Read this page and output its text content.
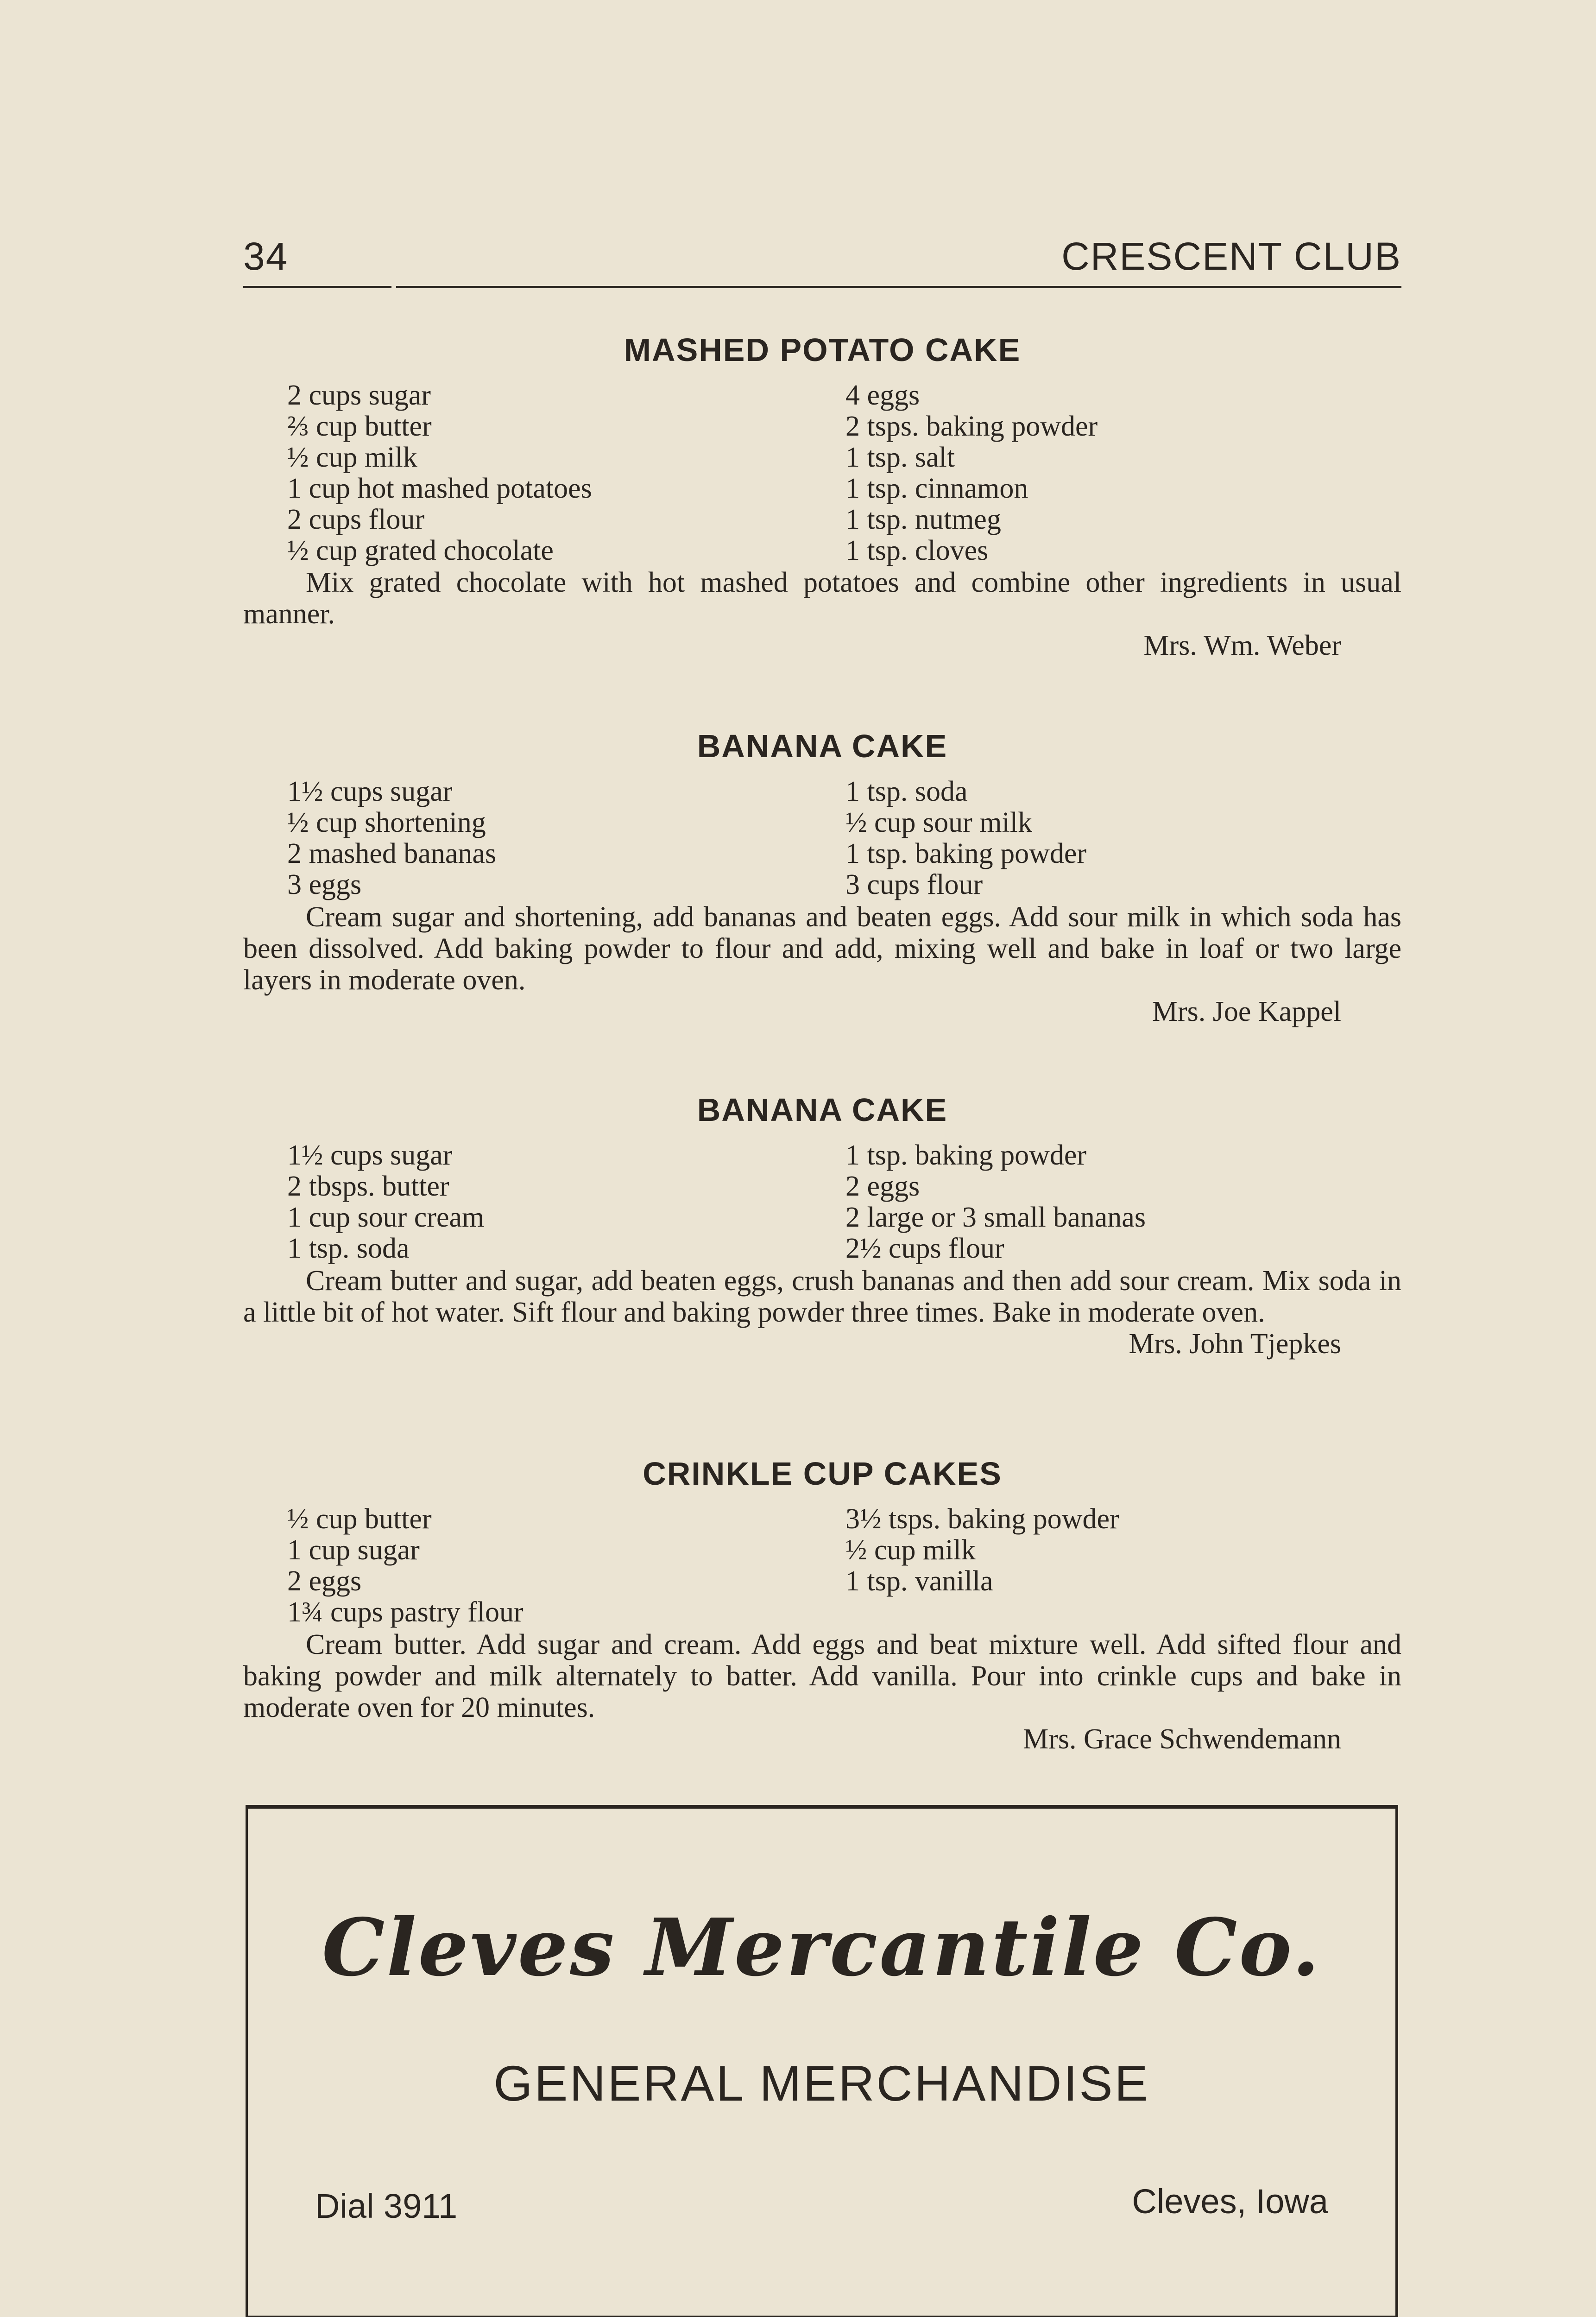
34	CRESCENT CLUB
MASHED POTATO CAKE
2 cups sugar
⅔ cup butter
½ cup milk
1 cup hot mashed potatoes
2 cups flour
½ cup grated chocolate
4 eggs
2 tsps. baking powder
1 tsp. salt
1 tsp. cinnamon
1 tsp. nutmeg
1 tsp. cloves

Mix grated chocolate with hot mashed potatoes and combine other ingredients in usual manner.

Mrs. Wm. Weber
BANANA CAKE
1½ cups sugar
½ cup shortening
2 mashed bananas
3 eggs
1 tsp. soda
½ cup sour milk
1 tsp. baking powder
3 cups flour

Cream sugar and shortening, add bananas and beaten eggs. Add sour milk in which soda has been dissolved. Add baking powder to flour and add, mixing well and bake in loaf or two large layers in moderate oven.

Mrs. Joe Kappel
BANANA CAKE
1½ cups sugar
2 tbsps. butter
1 cup sour cream
1 tsp. soda
1 tsp. baking powder
2 eggs
2 large or 3 small bananas
2½ cups flour

Cream butter and sugar, add beaten eggs, crush bananas and then add sour cream. Mix soda in a little bit of hot water. Sift flour and baking powder three times. Bake in moderate oven.

Mrs. John Tjepkes
CRINKLE CUP CAKES
½ cup butter
1 cup sugar
2 eggs
1¾ cups pastry flour
3½ tsps. baking powder
½ cup milk
1 tsp. vanilla

Cream butter. Add sugar and cream. Add eggs and beat mixture well. Add sifted flour and baking powder and milk alternately to batter. Add vanilla. Pour into crinkle cups and bake in moderate oven for 20 minutes.

Mrs. Grace Schwendemann
Cleves Mercantile Co.
GENERAL MERCHANDISE
Dial 3911	Cleves, Iowa
